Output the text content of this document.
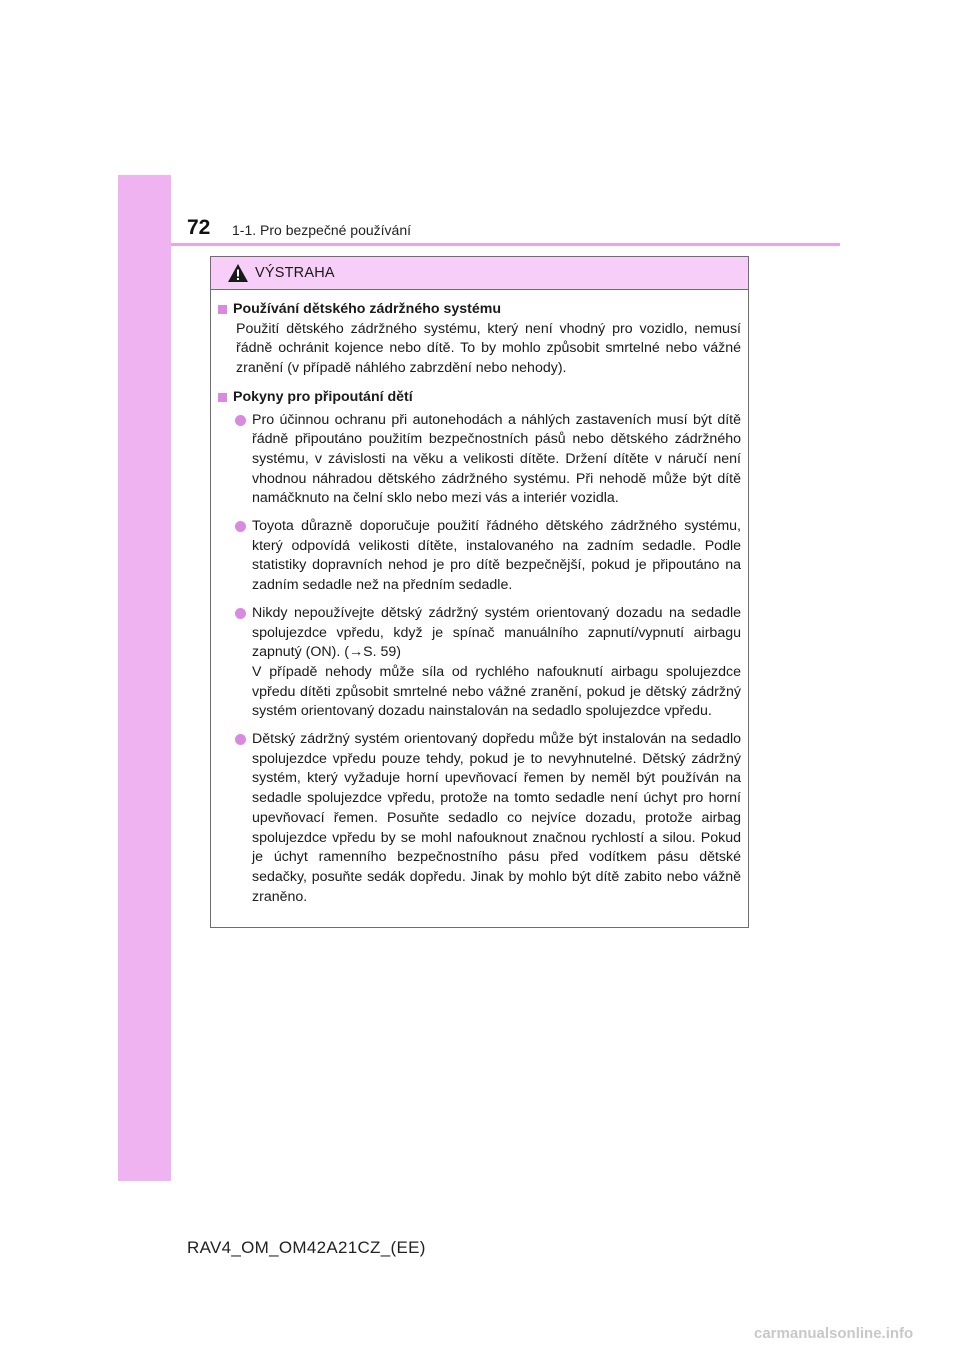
72 1-1. Pro bezpečné používání
VÝSTRAHA
Používání dětského zádržného systému

Použití dětského zádržného systému, který není vhodný pro vozidlo, nemusí řádně ochránit kojence nebo dítě. To by mohlo způsobit smrtelné nebo vážné zranění (v případě náhlého zabrzdění nebo nehody).

Pokyny pro připoutání dětí
Pro účinnou ochranu při autonehodách a náhlých zastaveních musí být dítě řádně připoutáno použitím bezpečnostních pásů nebo dětského zádržného systému, v závislosti na věku a velikosti dítěte. Držení dítěte v náručí není vhodnou náhradou dětského zádržného systému. Při nehodě může být dítě namáčknuto na čelní sklo nebo mezi vás a interiér vozidla.
Toyota důrazně doporučuje použití řádného dětského zádržného systému, který odpovídá velikosti dítěte, instalovaného na zadním sedadle. Podle statistiky dopravních nehod je pro dítě bezpečnější, pokud je připoutáno na zadním sedadle než na předním sedadle.
Nikdy nepoužívejte dětský zádržný systém orientovaný dozadu na sedadle spolujezdce vpředu, když je spínač manuálního zapnutí/vypnutí airbagu zapnutý (ON). (→S. 59)
V případě nehody může síla od rychlého nafouknutí airbagu spolujezdce vpředu dítěti způsobit smrtelné nebo vážné zranění, pokud je dětský zádržný systém orientovaný dozadu nainstalován na sedadlo spolujezdce vpředu.
Dětský zádržný systém orientovaný dopředu může být instalován na sedadlo spolujezdce vpředu pouze tehdy, pokud je to nevyhnutelné. Dětský zádržný systém, který vyžaduje horní upevňovací řemen by neměl být používán na sedadle spolujezdce vpředu, protože na tomto sedadle není úchyt pro horní upevňovací řemen. Posuňte sedadlo co nejvíce dozadu, protože airbag spolujezdce vpředu by se mohl nafouknout značnou rychlostí a silou. Pokud je úchyt ramenního bezpečnostního pásu před vodítkem pásu dětské sedačky, posuňte sedák dopředu. Jinak by mohlo být dítě zabito nebo vážně zraněno.
RAV4_OM_OM42A21CZ_(EE)
carmanualsonline.info
